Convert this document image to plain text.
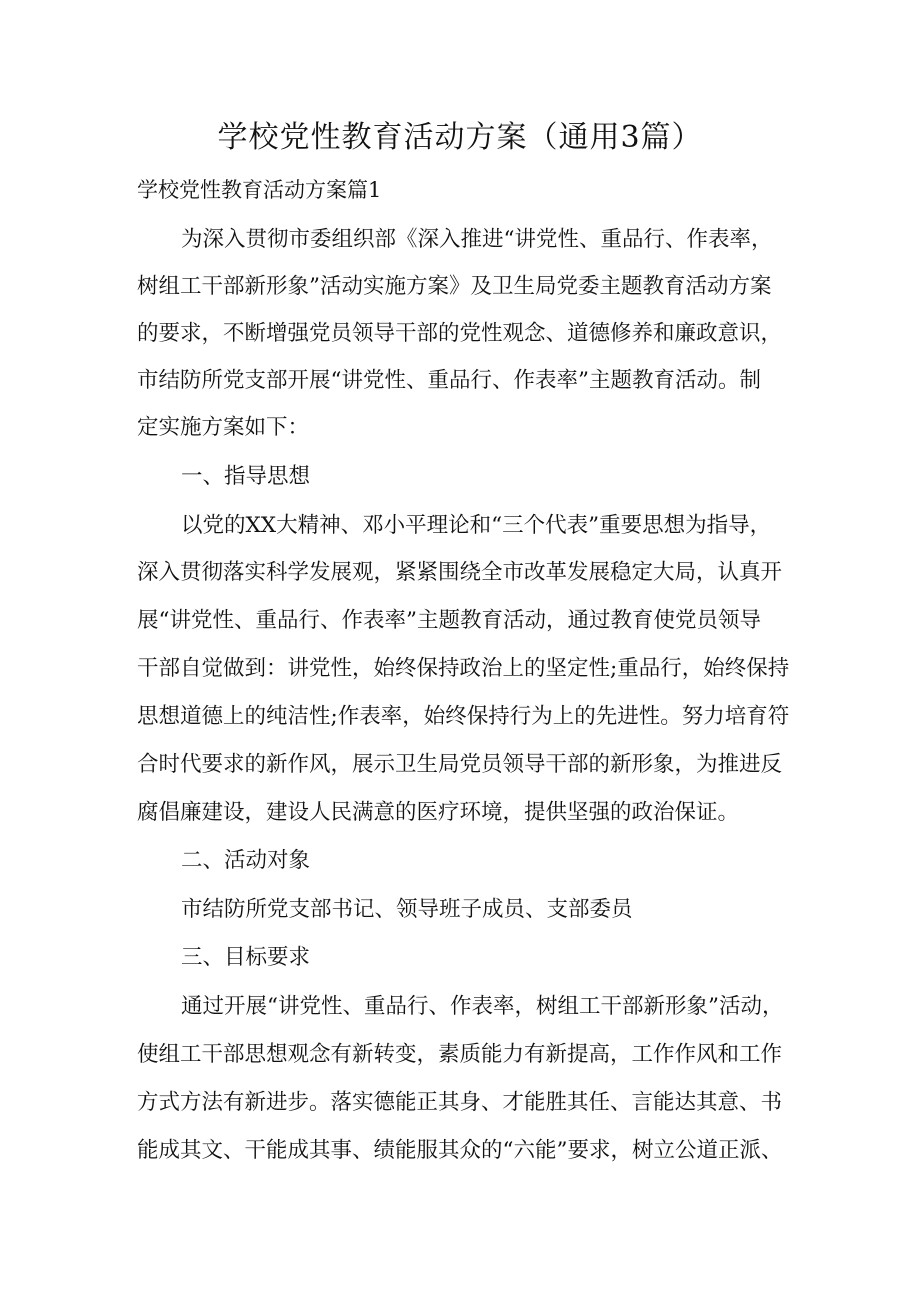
学校党性教育活动方案（通用3篇）
学校党性教育活动方案篇1
为深入贯彻市委组织部《深入推进“讲党性、重品行、作表率，
树组工干部新形象”活动实施方案》及卫生局党委主题教育活动方案
的要求，不断增强党员领导干部的党性观念、道德修养和廉政意识，
市结防所党支部开展“讲党性、重品行、作表率”主题教育活动。制
定实施方案如下：
一、指导思想
以党的XX大精神、邓小平理论和“三个代表”重要思想为指导，
深入贯彻落实科学发展观，紧紧围绕全市改革发展稳定大局，认真开
展“讲党性、重品行、作表率”主题教育活动，通过教育使党员领导
干部自觉做到：讲党性，始终保持政治上的坚定性;重品行，始终保持
思想道德上的纯洁性;作表率，始终保持行为上的先进性。努力培育符
合时代要求的新作风，展示卫生局党员领导干部的新形象，为推进反
腐倡廉建设，建设人民满意的医疗环境，提供坚强的政治保证。
二、活动对象
市结防所党支部书记、领导班子成员、支部委员
三、目标要求
通过开展“讲党性、重品行、作表率，树组工干部新形象”活动，
使组工干部思想观念有新转变，素质能力有新提高，工作作风和工作
方式方法有新进步。落实德能正其身、才能胜其任、言能达其意、书
能成其文、干能成其事、绩能服其众的“六能”要求，树立公道正派、
